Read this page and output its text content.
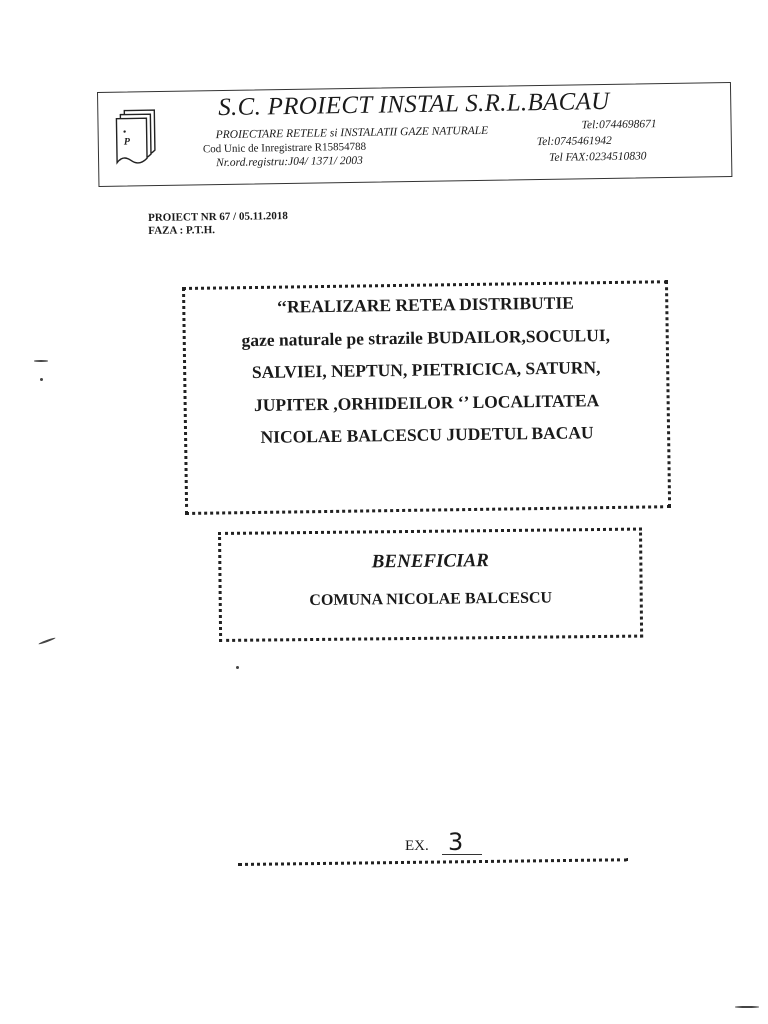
P
S.C. PROIECT INSTAL S.R.L.BACAU
PROIECTARE RETELE si INSTALATII GAZE NATURALE
Cod Unic de Inregistrare R15854788
Nr.ord.registru:J04/ 1371/ 2003
Tel:0744698671
Tel:0745461942
Tel FAX:0234510830
PROIECT NR 67 / 05.11.2018
FAZA : P.T.H.
‘‘REALIZARE RETEA DISTRIBUTIE
gaze naturale pe strazile BUDAILOR,SOCULUI,
SALVIEI, NEPTUN, PIETRICICA, SATURN,
JUPITER ,ORHIDEILOR ‘’ LOCALITATEA
NICOLAE BALCESCU JUDETUL BACAU
BENEFICIAR
COMUNA NICOLAE BALCESCU
EX. 3
